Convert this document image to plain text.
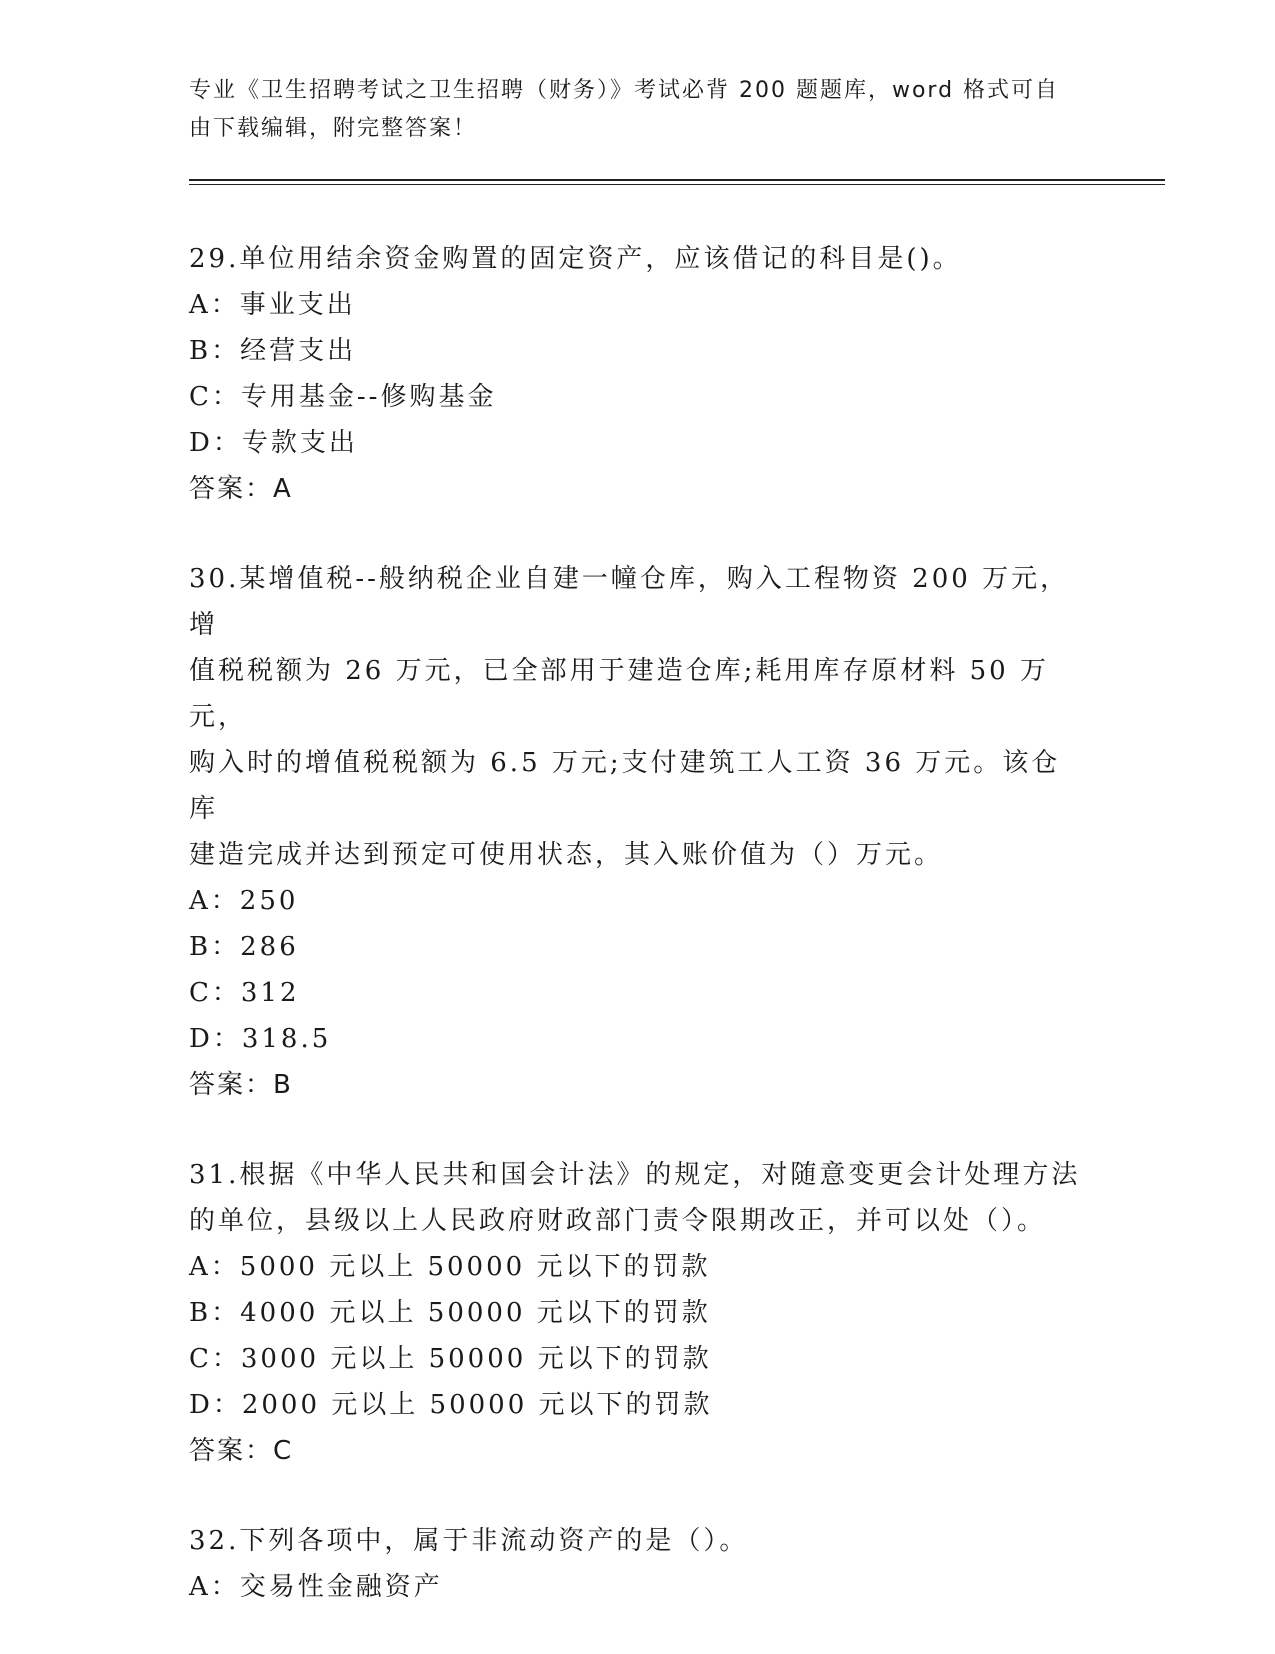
专业《卫生招聘考试之卫生招聘（财务）》考试必背 200 题题库，word 格式可自
由下载编辑，附完整答案！

29.单位用结余资金购置的固定资产，应该借记的科目是()。

A：事业支出

B：经营支出

C：专用基金--修购基金

D：专款支出

答案：A

30.某增值税--般纳税企业自建一幢仓库，购入工程物资 200 万元，增

值税税额为 26 万元，已全部用于建造仓库;耗用库存原材料 50 万元，

购入时的增值税税额为 6.5 万元;支付建筑工人工资 36 万元。该仓库

建造完成并达到预定可使用状态，其入账价值为（）万元。

A：250

B：286

C：312

D：318.5

答案：B

31.根据《中华人民共和国会计法》的规定，对随意变更会计处理方法

的单位，县级以上人民政府财政部门责令限期改正，并可以处（）。

A：5000 元以上 50000 元以下的罚款

B：4000 元以上 50000 元以下的罚款

C：3000 元以上 50000 元以下的罚款

D：2000 元以上 50000 元以下的罚款

答案：C

32.下列各项中，属于非流动资产的是（）。

A：交易性金融资产
